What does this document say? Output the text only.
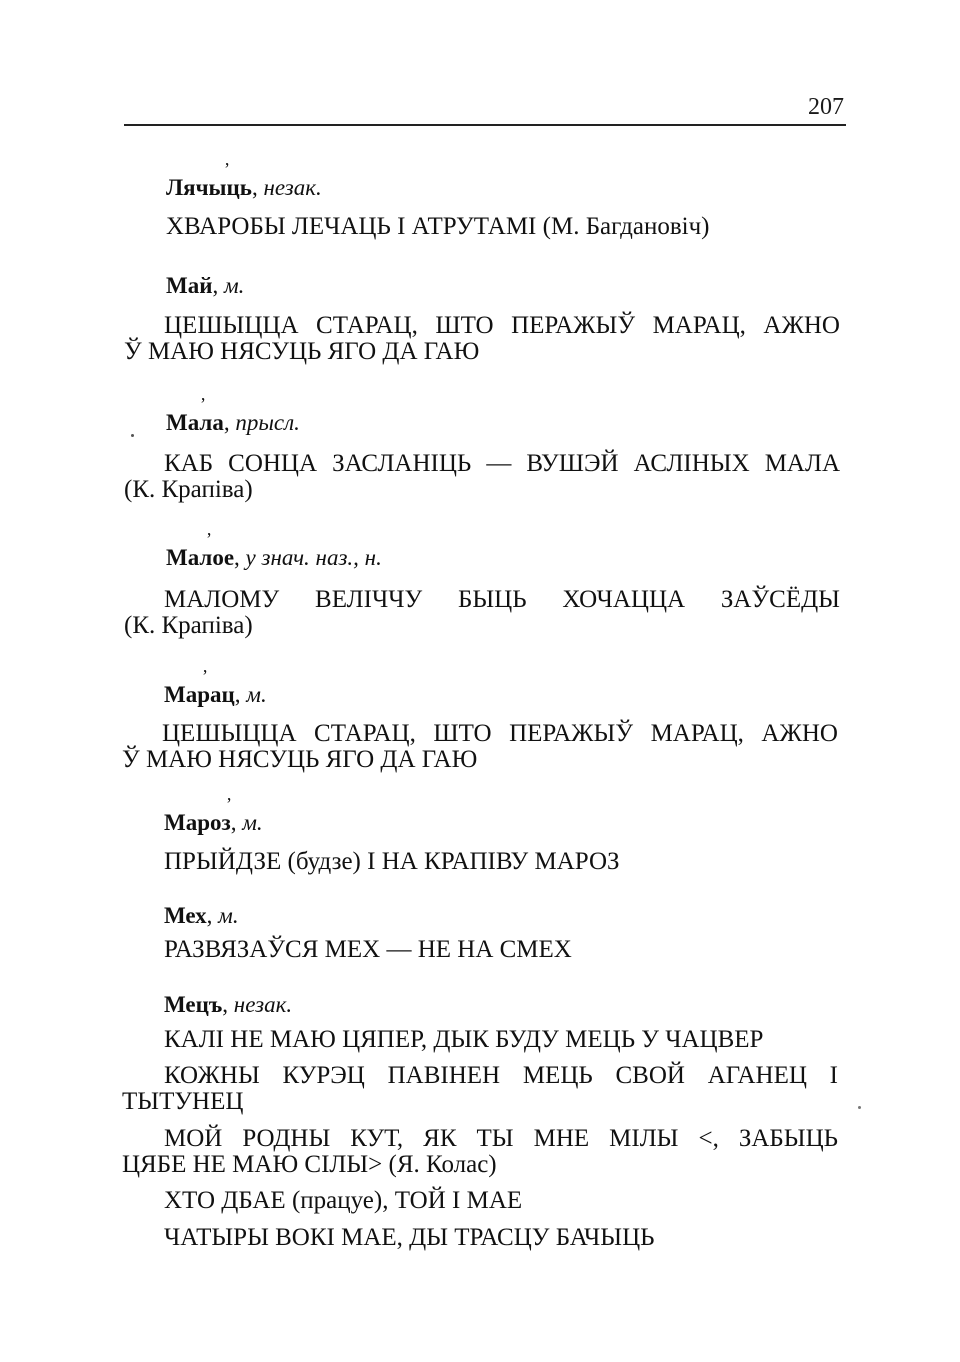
207
Лячыць
ʼ
, незак.
ХВАРОБЫ ЛЕЧАЦЬ І АТРУТАМІ (М. Багдановіч)
Май, м.
ЦЕШЫЦЦА СТАРАЦ, ШТО ПЕРАЖЫЎ МАРАЦ, АЖНО
Ў МАЮ НЯСУЦЬ ЯГО ДА ГАЮ
Мала
ʼ
, прысл.
КАБ СОНЦА ЗАСЛАНІЦЬ — ВУШЭЙ АСЛІНЫХ МАЛА
(К. Крапіва)
Малое
ʼ
, у знач. наз., н.
МАЛОМУ ВЕЛІЧЧУ БЫЦЬ ХОЧАЦЦА ЗАЎСЁДЫ
(К. Крапіва)
Марац
ʼ
, м.
ЦЕШЫЦЦА СТАРАЦ, ШТО ПЕРАЖЫЎ МАРАЦ, АЖНО
Ў МАЮ НЯСУЦЬ ЯГО ДА ГАЮ
Мароз
ʼ
, м.
ПРЫЙДЗЕ (будзе) І НА КРАПІВУ МАРОЗ
Мех, м.
РАЗВЯЗАЎСЯ МЕХ — НЕ НА СМЕХ
Мецъ, незак.
КАЛІ НЕ МАЮ ЦЯПЕР, ДЫК БУДУ МЕЦЬ У ЧАЦВЕР
КОЖНЫ КУРЭЦ ПАВІНЕН МЕЦЬ СВОЙ АГАНЕЦ І
ТЫТУНЕЦ
МОЙ РОДНЫ КУТ, ЯК ТЫ МНЕ МІЛЫ <, ЗАБЫЦЬ
ЦЯБЕ НЕ МАЮ СІЛЫ> (Я. Колас)
ХТО ДБАЕ (працуе), ТОЙ І МАЕ
ЧАТЫРЫ ВОКІ МАЕ, ДЫ ТРАСЦУ БАЧЫЦЬ
